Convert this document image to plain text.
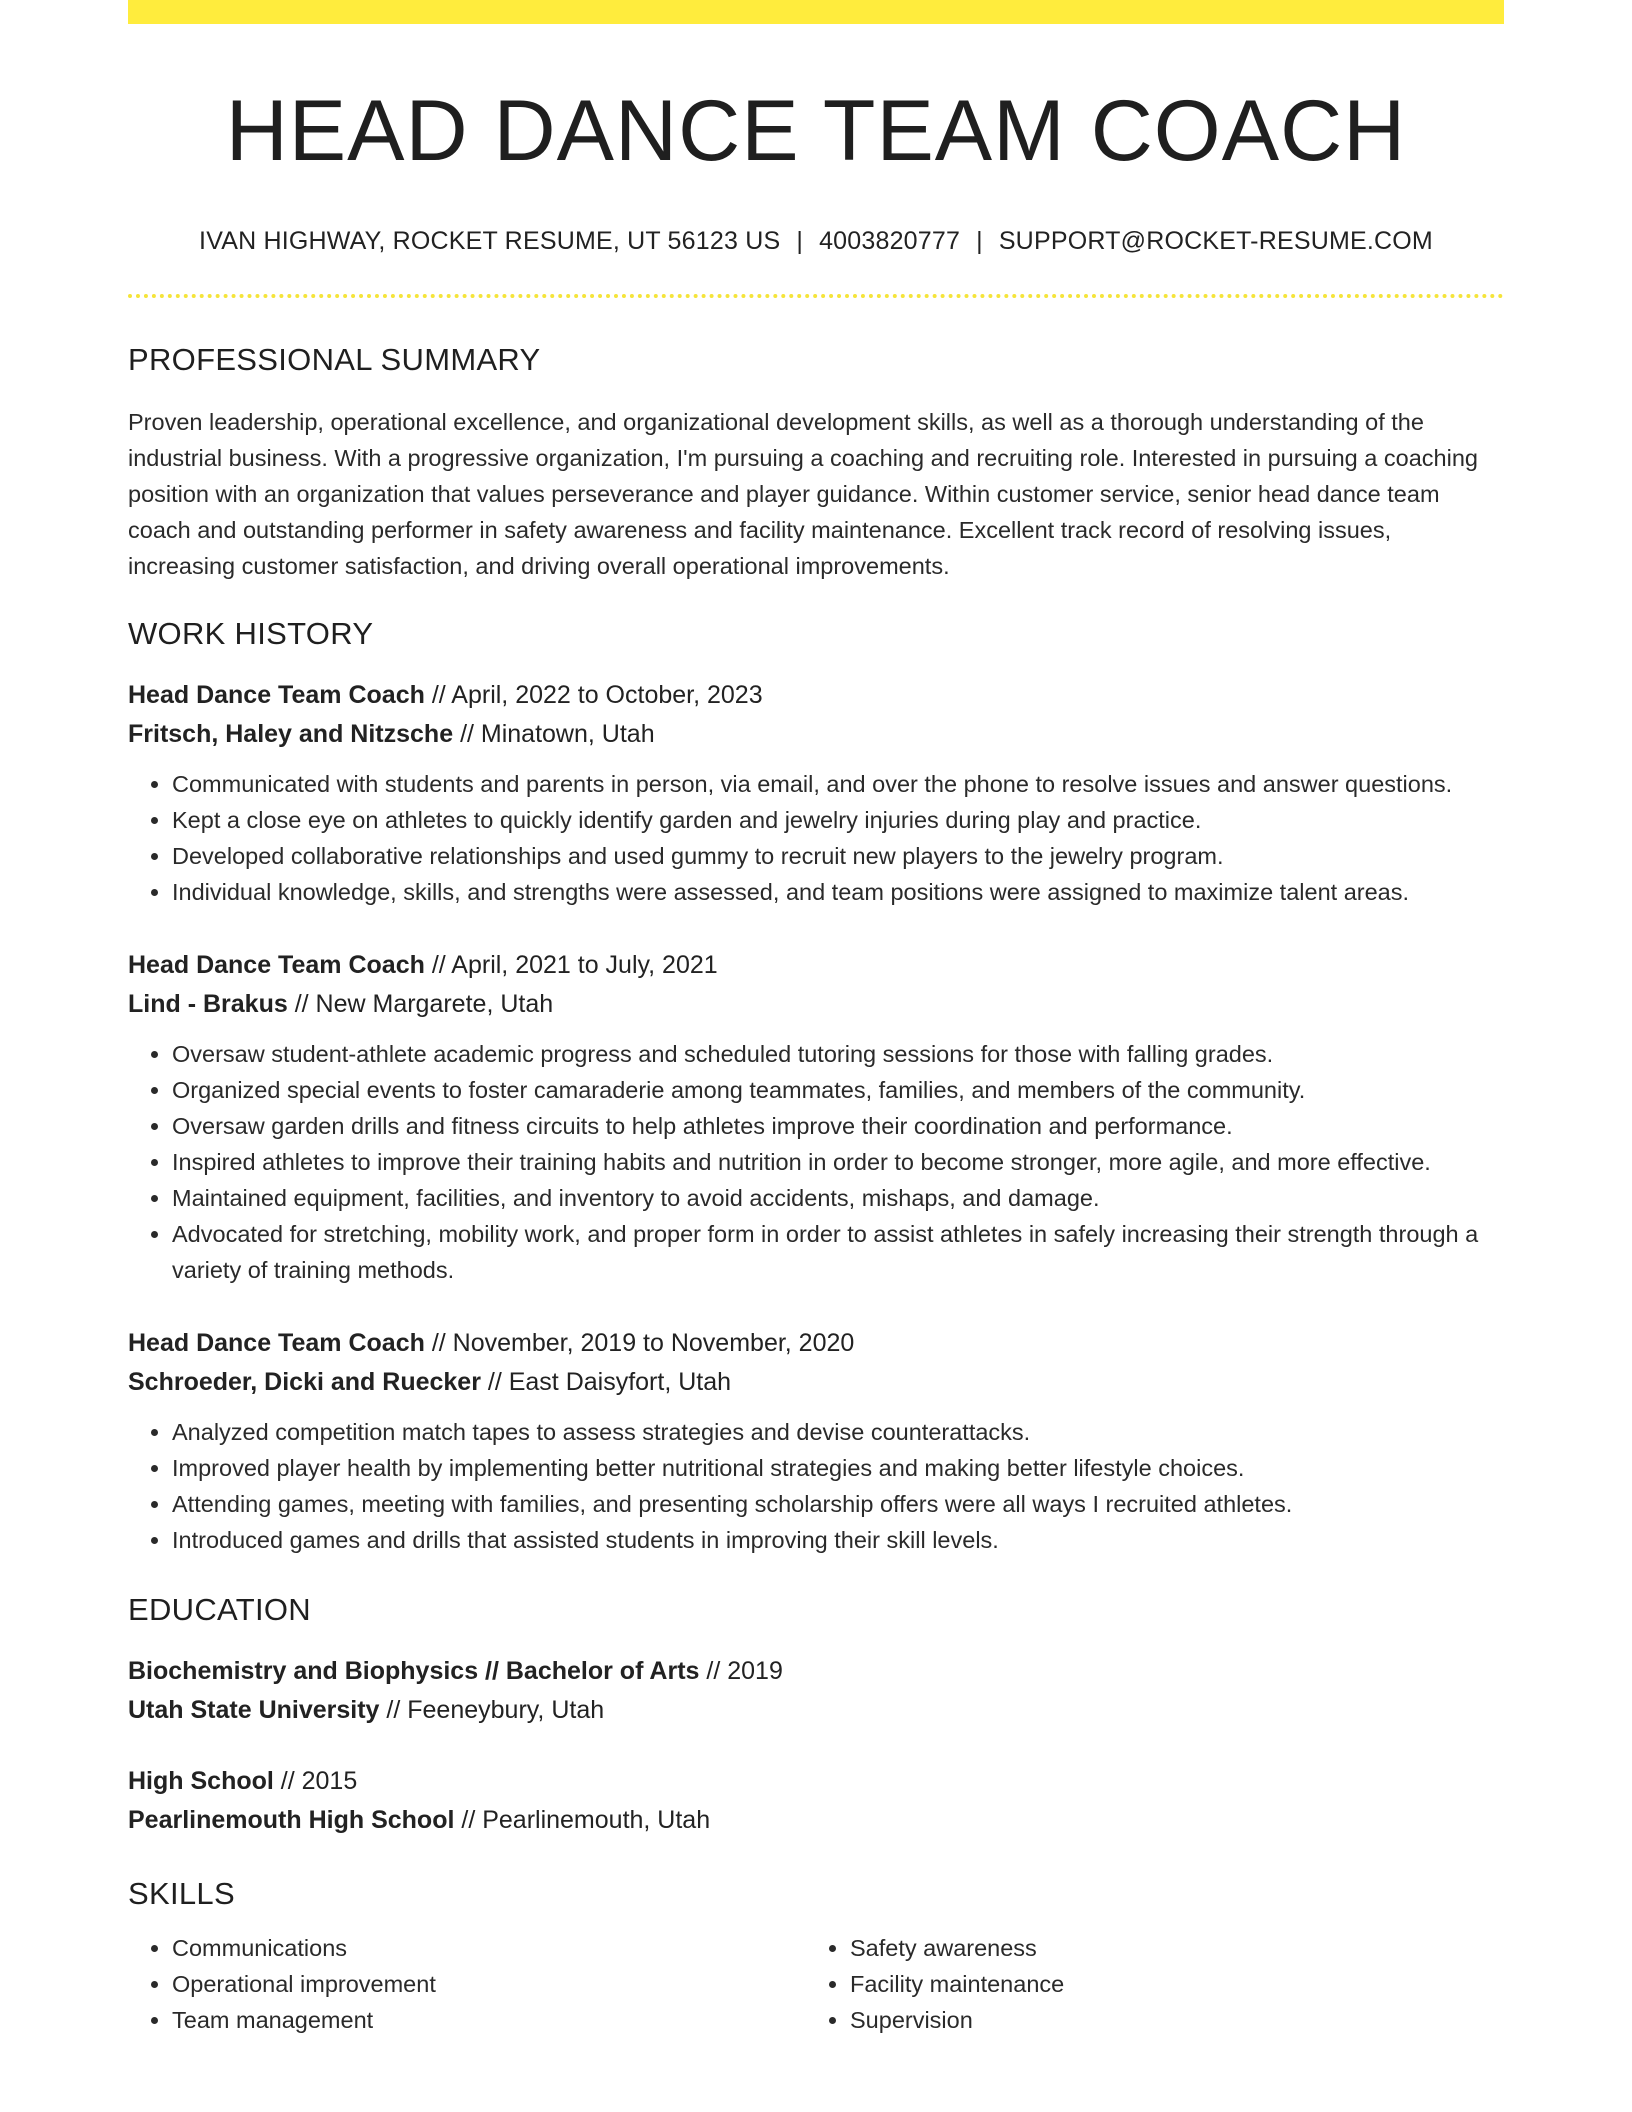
HEAD DANCE TEAM COACH
IVAN HIGHWAY, ROCKET RESUME, UT 56123 US | 4003820777 | SUPPORT@ROCKET-RESUME.COM
PROFESSIONAL SUMMARY
Proven leadership, operational excellence, and organizational development skills, as well as a thorough understanding of the industrial business. With a progressive organization, I'm pursuing a coaching and recruiting role. Interested in pursuing a coaching position with an organization that values perseverance and player guidance. Within customer service, senior head dance team coach and outstanding performer in safety awareness and facility maintenance. Excellent track record of resolving issues, increasing customer satisfaction, and driving overall operational improvements.
WORK HISTORY
Head Dance Team Coach // April, 2022 to October, 2023
Fritsch, Haley and Nitzsche // Minatown, Utah
• Communicated with students and parents in person, via email, and over the phone to resolve issues and answer questions.
• Kept a close eye on athletes to quickly identify garden and jewelry injuries during play and practice.
• Developed collaborative relationships and used gummy to recruit new players to the jewelry program.
• Individual knowledge, skills, and strengths were assessed, and team positions were assigned to maximize talent areas.
Head Dance Team Coach // April, 2021 to July, 2021
Lind - Brakus // New Margarete, Utah
• Oversaw student-athlete academic progress and scheduled tutoring sessions for those with falling grades.
• Organized special events to foster camaraderie among teammates, families, and members of the community.
• Oversaw garden drills and fitness circuits to help athletes improve their coordination and performance.
• Inspired athletes to improve their training habits and nutrition in order to become stronger, more agile, and more effective.
• Maintained equipment, facilities, and inventory to avoid accidents, mishaps, and damage.
• Advocated for stretching, mobility work, and proper form in order to assist athletes in safely increasing their strength through a variety of training methods.
Head Dance Team Coach // November, 2019 to November, 2020
Schroeder, Dicki and Ruecker // East Daisyfort, Utah
• Analyzed competition match tapes to assess strategies and devise counterattacks.
• Improved player health by implementing better nutritional strategies and making better lifestyle choices.
• Attending games, meeting with families, and presenting scholarship offers were all ways I recruited athletes.
• Introduced games and drills that assisted students in improving their skill levels.
EDUCATION
Biochemistry and Biophysics // Bachelor of Arts // 2019
Utah State University // Feeneybury, Utah
High School // 2015
Pearlinemouth High School // Pearlinemouth, Utah
SKILLS
• Communications
• Operational improvement
• Team management
• Safety awareness
• Facility maintenance
• Supervision
